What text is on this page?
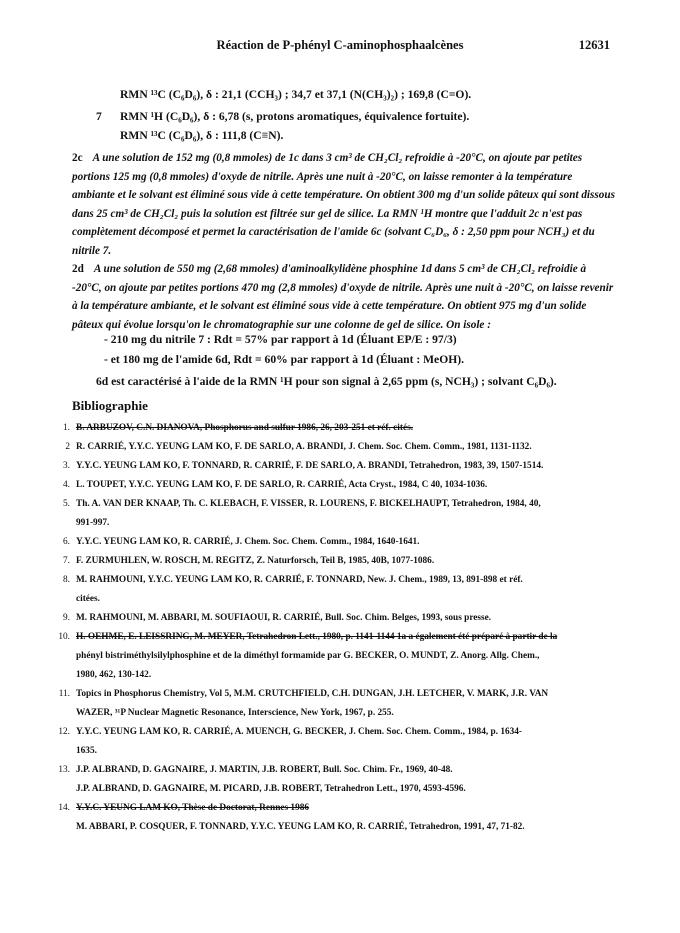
Réaction de P-phényl C-aminophosphaalcènes	12631
RMN ¹³C (C₆D₆), δ : 21,1 (CCH₃) ; 34,7 et 37,1 (N(CH₃)₂) ; 169,8 (C=O).
7 RMN ¹H (C₆D₆), δ : 6,78 (s, protons aromatiques, équivalence fortuite).
RMN ¹³C (C₆D₆), δ : 111,8 (C≡N).
2c A une solution de 152 mg (0,8 mmoles) de 1c dans 3 cm³ de CH₂Cl₂ refroidie à -20°C, on ajoute par petites portions 125 mg (0,8 mmoles) d'oxyde de nitrile. Après une nuit à -20°C, on laisse remonter à la température ambiante et le solvant est éliminé sous vide à cette température. On obtient 300 mg d'un solide pâteux qui sont dissous dans 25 cm³ de CH₂Cl₂ puis la solution est filtrée sur gel de silice. La RMN ¹H montre que l'adduit 2c n'est pas complètement décomposé et permet la caractérisation de l'amide 6c (solvant C₆D₆, δ : 2,50 ppm pour NCH₃) et du nitrile 7.
2d A une solution de 550 mg (2,68 mmoles) d'aminoalkylidène phosphine 1d dans 5 cm³ de CH₂Cl₂ refroidie à -20°C, on ajoute par petites portions 470 mg (2,8 mmoles) d'oxyde de nitrile. Après une nuit à -20°C, on laisse revenir à la température ambiante, et le solvant est éliminé sous vide à cette température. On obtient 975 mg d'un solide pâteux qui évolue lorsqu'on le chromatographie sur une colonne de gel de silice. On isole :
- 210 mg du nitrile 7 : Rdt = 57% par rapport à 1d (Éluant EP/E : 97/3)
- et 180 mg de l'amide 6d, Rdt = 60% par rapport à 1d (Éluant : MeOH).
6d est caractérisé à l'aide de la RMN ¹H pour son signal à 2,65 ppm (s, NCH₃) ; solvant C₆D₆).
Bibliographie
1. B. ARBUZOV, C.N. DIANOVA, Phosphorus and sulfur 1986, 26, 203-251 et réf. cités.
2 R. CARRIÉ, Y.Y.C. YEUNG LAM KO, F. DE SARLO, A. BRANDI, J. Chem. Soc. Chem. Comm., 1981, 1131-1132.
3. Y.Y.C. YEUNG LAM KO, F. TONNARD, R. CARRIÉ, F. DE SARLO, A. BRANDI, Tetrahedron, 1983, 39, 1507-1514.
4. L. TOUPET, Y.Y.C. YEUNG LAM KO, F. DE SARLO, R. CARRIÉ, Acta Cryst., 1984, C 40, 1034-1036.
5. Th. A. VAN DER KNAAP, Th. C. KLEBACH, F. VISSER, R. LOURENS, F. BICKELHAUPT, Tetrahedron, 1984, 40,
991-997.
6. Y.Y.C. YEUNG LAM KO, R. CARRIÉ, J. Chem. Soc. Chem. Comm., 1984, 1640-1641.
7. F. ZURMUHLEN, W. ROSCH, M. REGITZ, Z. Naturforsch, Teil B, 1985, 40B, 1077-1086.
8. M. RAHMOUNI, Y.Y.C. YEUNG LAM KO, R. CARRIÉ, F. TONNARD, New. J. Chem., 1989, 13, 891-898 et réf.
citées.
9. M. RAHMOUNI, M. ABBARI, M. SOUFIAOUI, R. CARRIÉ, Bull. Soc. Chim. Belges, 1993, sous presse.
10. H. OEHME, E. LEISSRING, M. MEYER, Tetrahedron Lett., 1980, p. 1141-1144 1a a également été préparé à partir de la
phényl bistriméthylsilylphosphine et de la diméthyl formamide par G. BECKER, O. MUNDT, Z. Anorg. Allg. Chem.,
1980, 462, 130-142.
11. Topics in Phosphorus Chemistry, Vol 5, M.M. CRUTCHFIELD, C.H. DUNGAN, J.H. LETCHER, V. MARK, J.R. VAN
WAZER, ³¹P Nuclear Magnetic Resonance, Interscience, New York, 1967, p. 255.
12. Y.Y.C. YEUNG LAM KO, R. CARRIÉ, A. MUENCH, G. BECKER, J. Chem. Soc. Chem. Comm., 1984, p. 1634-
1635.
13. J.P. ALBRAND, D. GAGNAIRE, J. MARTIN, J.B. ROBERT, Bull. Soc. Chim. Fr., 1969, 40-48.
J.P. ALBRAND, D. GAGNAIRE, M. PICARD, J.B. ROBERT, Tetrahedron Lett., 1970, 4593-4596.
14. Y.Y.C. YEUNG LAM KO, Thèse de Doctorat, Rennes 1986
M. ABBARI, P. COSQUER, F. TONNARD, Y.Y.C. YEUNG LAM KO, R. CARRIÉ, Tetrahedron, 1991, 47, 71-82.
